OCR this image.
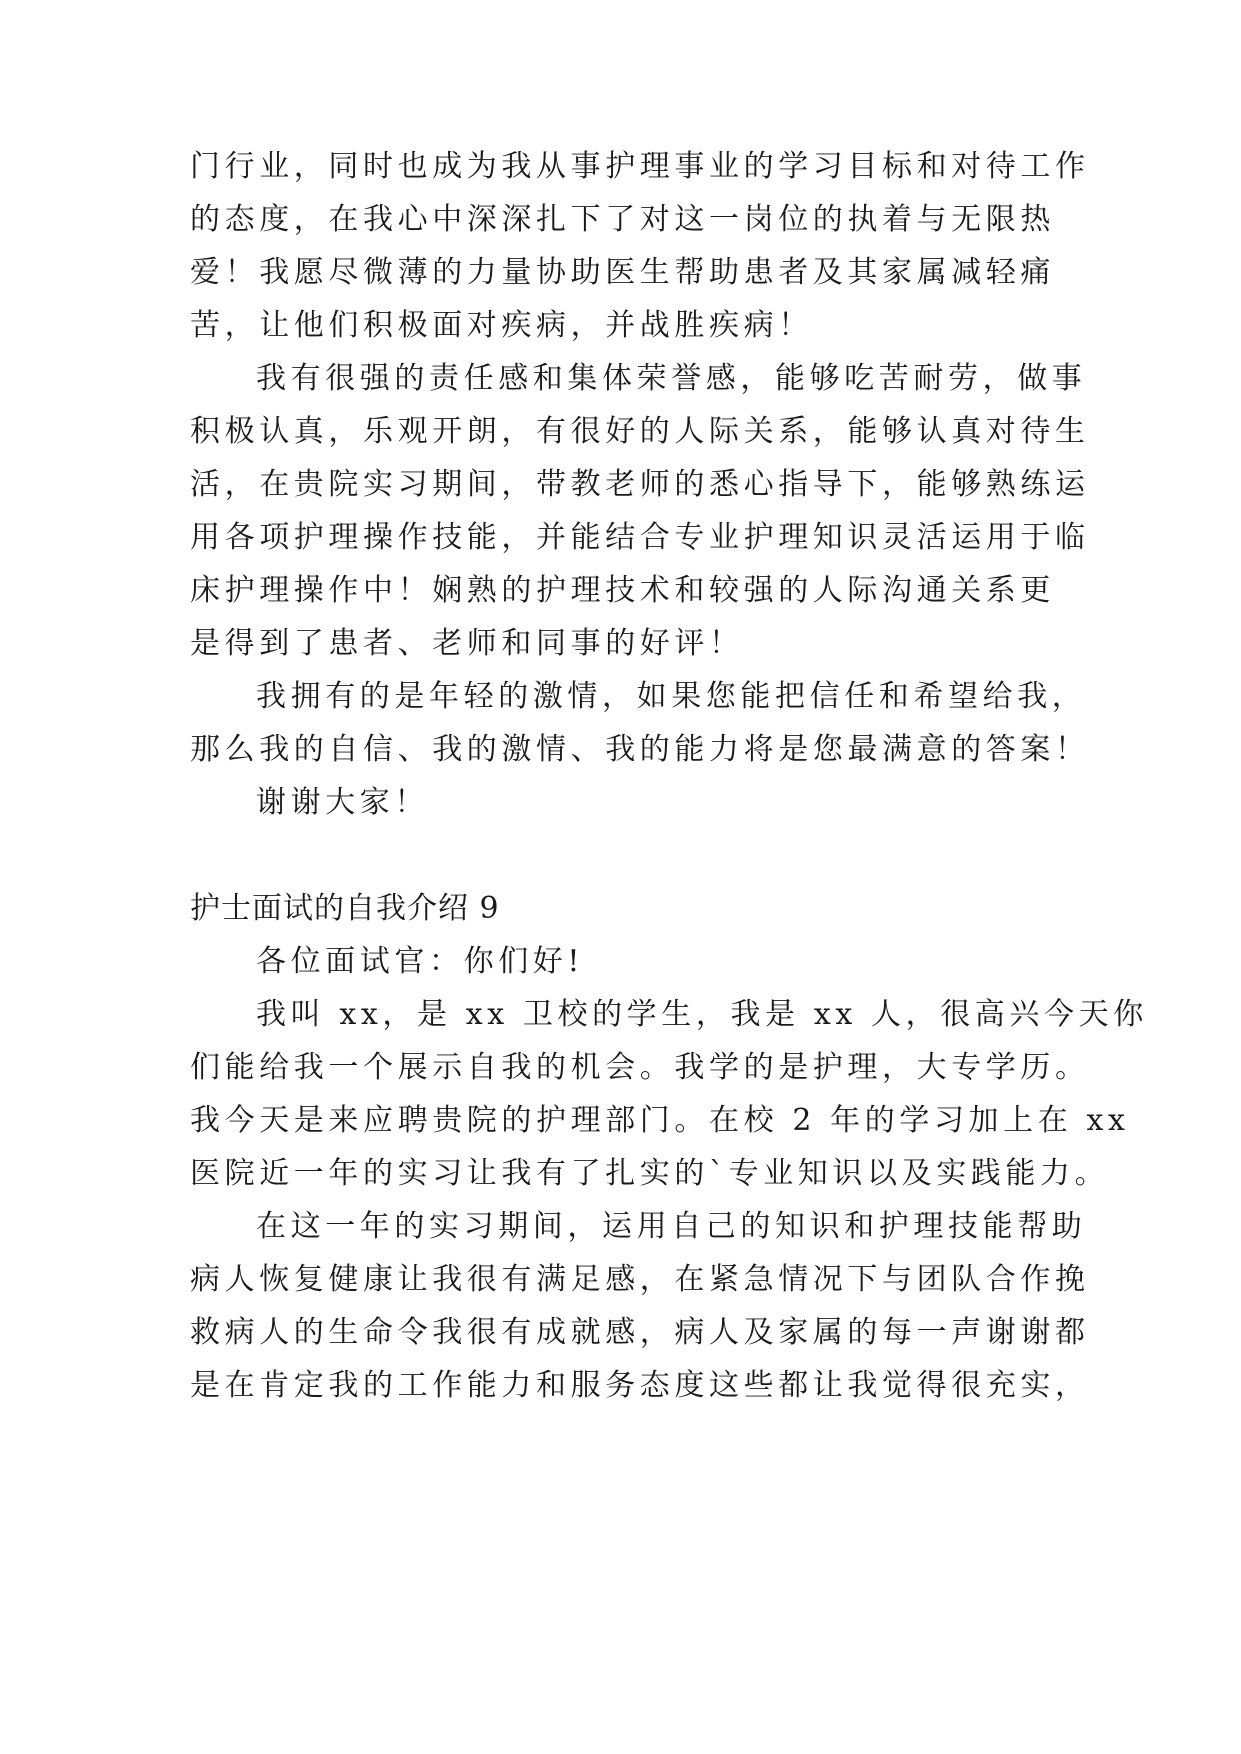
门行业，同时也成为我从事护理事业的学习目标和对待工作
的态度，在我心中深深扎下了对这一岗位的执着与无限热
爱！我愿尽微薄的力量协助医生帮助患者及其家属减轻痛
苦，让他们积极面对疾病，并战胜疾病！
我有很强的责任感和集体荣誉感，能够吃苦耐劳，做事
积极认真，乐观开朗，有很好的人际关系，能够认真对待生
活，在贵院实习期间，带教老师的悉心指导下，能够熟练运
用各项护理操作技能，并能结合专业护理知识灵活运用于临
床护理操作中！娴熟的护理技术和较强的人际沟通关系更
是得到了患者、老师和同事的好评！
我拥有的是年轻的激情，如果您能把信任和希望给我，
那么我的自信、我的激情、我的能力将是您最满意的答案！
谢谢大家！
护士面试的自我介绍 9
各位面试官：你们好!
我叫 xx，是 xx 卫校的学生，我是 xx 人，很高兴今天你
们能给我一个展示自我的机会。我学的是护理，大专学历。
我今天是来应聘贵院的护理部门。在校 2 年的学习加上在 xx
医院近一年的实习让我有了扎实的`专业知识以及实践能力。
在这一年的实习期间，运用自己的知识和护理技能帮助
病人恢复健康让我很有满足感，在紧急情况下与团队合作挽
救病人的生命令我很有成就感，病人及家属的每一声谢谢都
是在肯定我的工作能力和服务态度这些都让我觉得很充实，
